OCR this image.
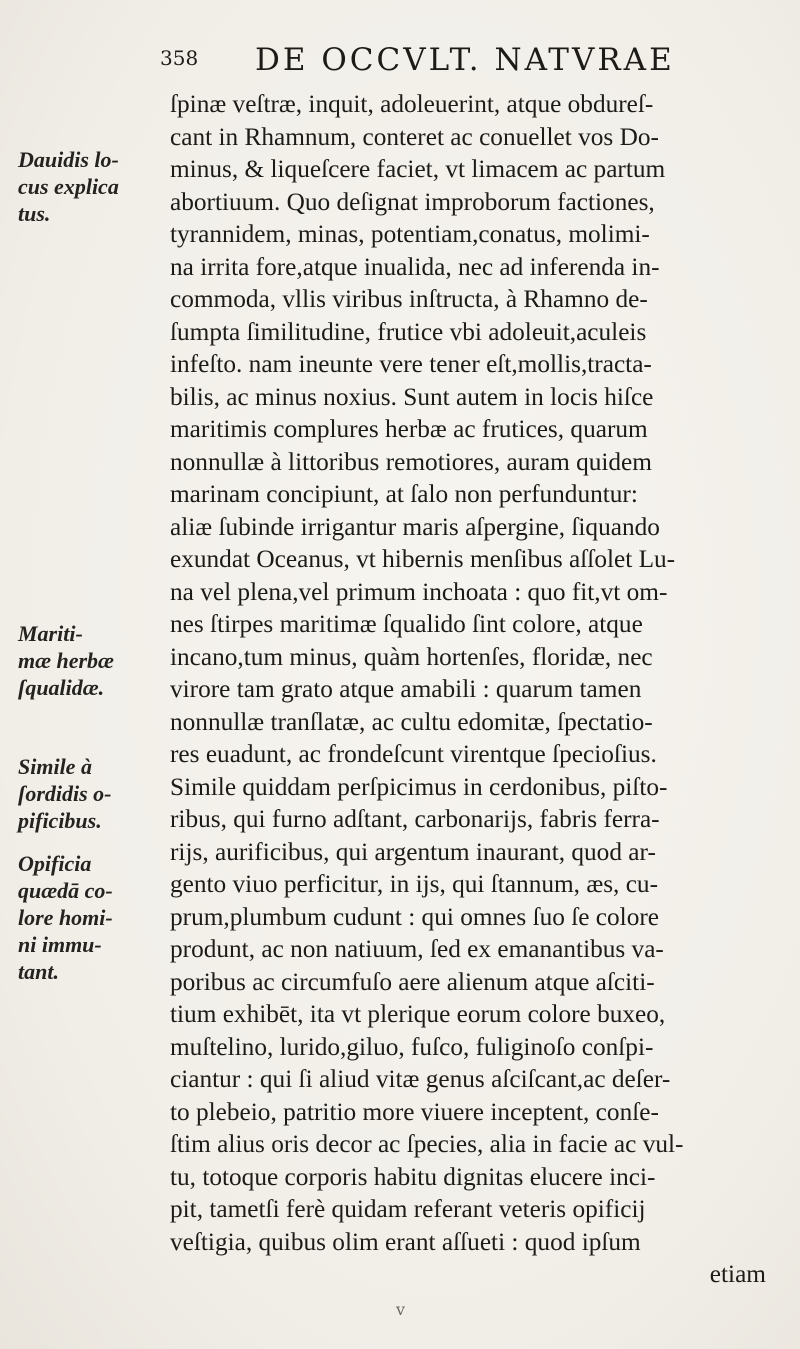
358 DE OCCVLT. NATVRAE
ſpinæ veſtræ, inquit, adoleuerint, atque obdureſ-
cant in Rhamnum, conteret ac conuellet vos Do-
minus, & liqueſcere faciet, vt limacem ac partum
abortiuum. Quo deſignat improborum factiones,
tyrannidem, minas, potentiam,conatus, molimi-
na irrita fore,atque inualida, nec ad inferenda in-
commoda, vllis viribus inſtructa, à Rhamno de-
ſumpta ſimilitudine, frutice vbi adoleuit,aculeis
infeſto. nam ineunte vere tener eſt,mollis,tracta-
bilis, ac minus noxius. Sunt autem in locis hiſce
maritimis complures herbæ ac frutices, quarum
nonnullæ à littoribus remotiores, auram quidem
marinam concipiunt, at ſalo non perfunduntur:
aliæ ſubinde irrigantur maris aſpergine, ſiquando
exundat Oceanus, vt hibernis menſibus aſſolet Lu-
na vel plena,vel primum inchoata : quo fit,vt om-
nes ſtirpes maritimæ ſqualido ſint colore, atque
incano,tum minus, quàm hortenſes, floridæ, nec
virore tam grato atque amabili : quarum tamen
nonnullæ tranſlatæ, ac cultu edomitæ, ſpectatio-
res euadunt, ac frondeſcunt virentque ſpecioſius.
Simile quiddam perſpicimus in cerdonibus, piſto-
ribus, qui furno adſtant, carbonarijs, fabris ferra-
rijs, aurificibus, qui argentum inaurant, quod ar-
gento viuo perficitur, in ijs, qui ſtannum, æs, cu-
prum,plumbum cudunt : qui omnes ſuo ſe colore
produnt, ac non natiuum, ſed ex emanantibus va-
poribus ac circumfuſo aere alienum atque aſciti-
tium exhibēt, ita vt plerique eorum colore buxeo,
muſtelino, lurido,giluo, fuſco, fuliginoſo conſpi-
ciantur : qui ſi aliud vitæ genus aſciſcant,ac deſer-
to plebeio, patritio more viuere inceptent, conſe-
ſtim alius oris decor ac ſpecies, alia in facie ac vul-
tu, totoque corporis habitu dignitas elucere inci-
pit, tametſi ferè quidam referant veteris opificij
veſtigia, quibus olim erant aſſueti : quod ipſum
etiam
Dauidis lo-
cus explica
tus.
Mariti-
mæ herbæ
ſqualidæ.
Simile à
ſordidis o-
pificibus.
Opificia
quædā co-
lore homi-
ni immu-
tant.
v
